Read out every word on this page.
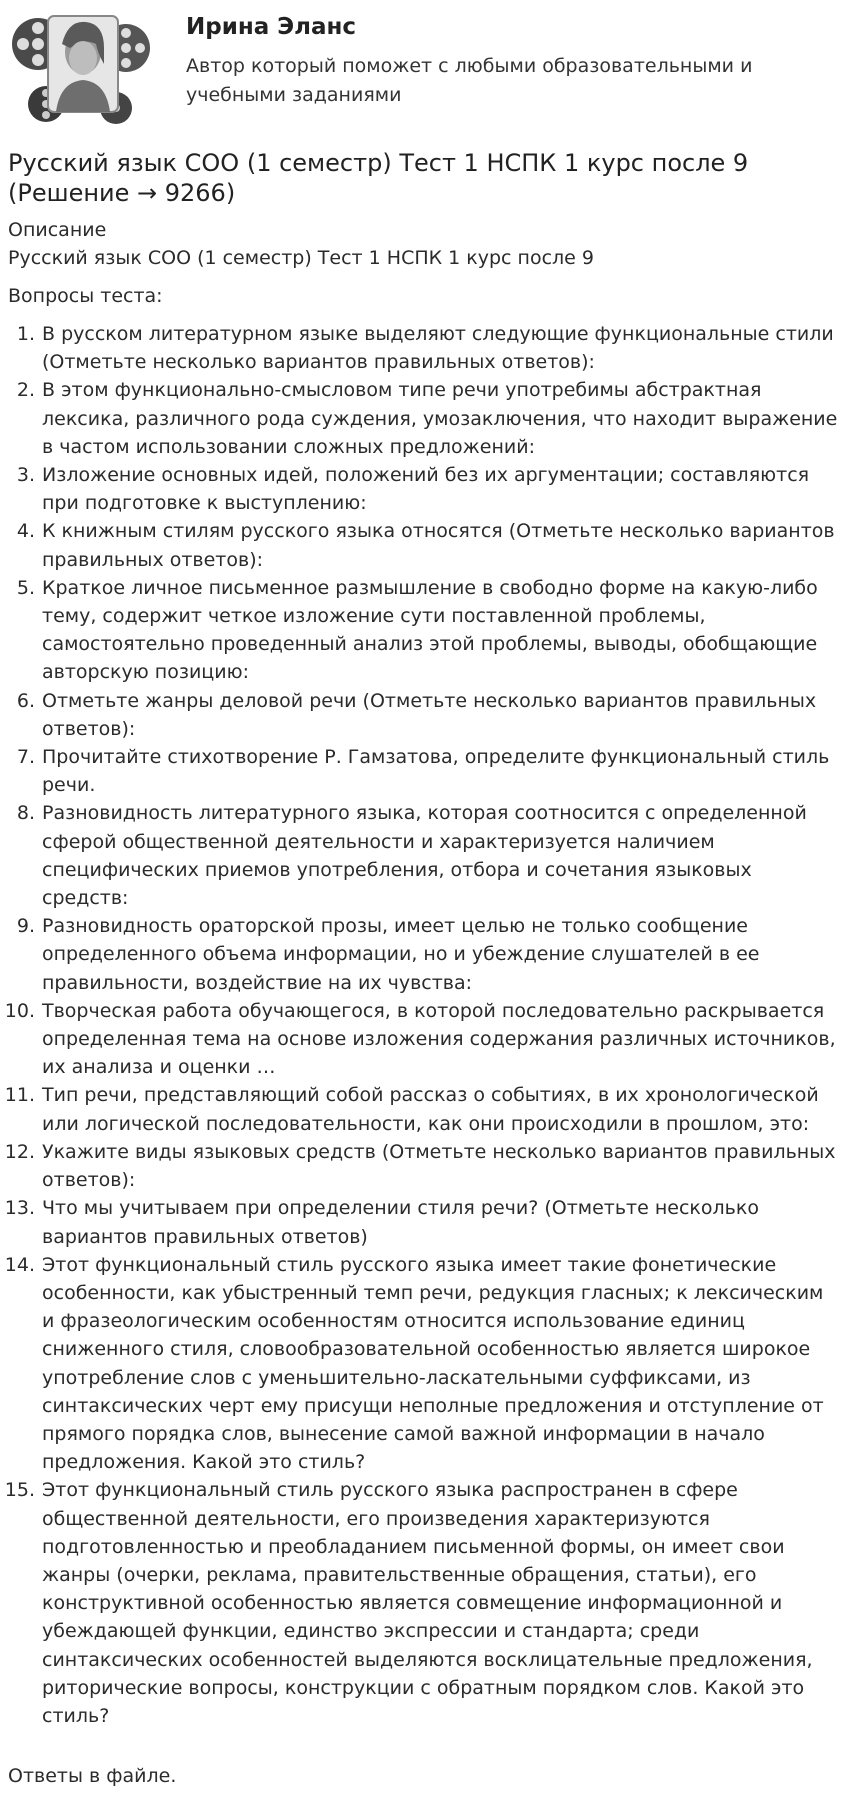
Ирина Эланс
Автор который поможет с любыми образовательными и учебными заданиями
Русский язык СОО (1 семестр) Тест 1 НСПК 1 курс после 9 (Решение → 9266)
Описание
Русский язык СОО (1 семестр) Тест 1 НСПК 1 курс после 9
Вопросы теста:
1. В русском литературном языке выделяют следующие функциональные стили (Отметьте несколько вариантов правильных ответов):
2. В этом функционально-смысловом типе речи употребимы абстрактная лексика, различного рода суждения, умозаключения, что находит выражение в частом использовании сложных предложений:
3. Изложение основных идей, положений без их аргументации; составляются при подготовке к выступлению:
4. К книжным стилям русского языка относятся (Отметьте несколько вариантов правильных ответов):
5. Краткое личное письменное размышление в свободно форме на какую-либо тему, содержит четкое изложение сути поставленной проблемы, самостоятельно проведенный анализ этой проблемы, выводы, обобщающие авторскую позицию:
6. Отметьте жанры деловой речи (Отметьте несколько вариантов правильных ответов):
7. Прочитайте стихотворение Р. Гамзатова, определите функциональный стиль речи.
8. Разновидность литературного языка, которая соотносится с определенной сферой общественной деятельности и характеризуется наличием специфических приемов употребления, отбора и сочетания языковых средств:
9. Разновидность ораторской прозы, имеет целью не только сообщение определенного объема информации, но и убеждение слушателей в ее правильности, воздействие на их чувства:
10. Творческая работа обучающегося, в которой последовательно раскрывается определенная тема на основе изложения содержания различных источников, их анализа и оценки …
11. Тип речи, представляющий собой рассказ о событиях, в их хронологической или логической последовательности, как они происходили в прошлом, это:
12. Укажите виды языковых средств (Отметьте несколько вариантов правильных ответов):
13. Что мы учитываем при определении стиля речи? (Отметьте несколько вариантов правильных ответов)
14. Этот функциональный стиль русского языка имеет такие фонетические особенности, как убыстренный темп речи, редукция гласных; к лексическим и фразеологическим особенностям относится использование единиц сниженного стиля, словообразовательной особенностью является широкое употребление слов с уменьшительно-ласкательными суффиксами, из синтаксических черт ему присущи неполные предложения и отступление от прямого порядка слов, вынесение самой важной информации в начало предложения. Какой это стиль?
15. Этот функциональный стиль русского языка распространен в сфере общественной деятельности, его произведения характеризуются подготовленностью и преобладанием письменной формы, он имеет свои жанры (очерки, реклама, правительственные обращения, статьи), его конструктивной особенностью является совмещение информационной и убеждающей функции, единство экспрессии и стандарта; среди синтаксических особенностей выделяются восклицательные предложения, риторические вопросы, конструкции с обратным порядком слов. Какой это стиль?
Ответы в файле.
